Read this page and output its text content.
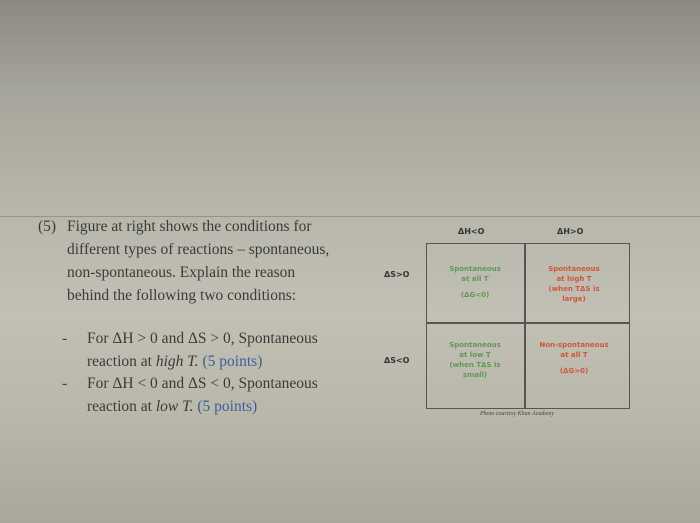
(5) Figure at right shows the conditions for
different types of reactions – spontaneous,
non-spontaneous. Explain the reason
behind the following two conditions:
- For ΔH > 0 and ΔS > 0, Spontaneous
reaction at high T. (5 points)
- For ΔH < 0 and ΔS < 0, Spontaneous
reaction at low T. (5 points)
ΔH<O	ΔH>O
ΔS>O
ΔS<O
Spontaneous
at all T
(ΔG<0)
Spontaneous
at high T
(when TΔS is
large)
Spontaneous
at low T
(when TΔS is
small)
Non-spontaneous
at all T
(ΔG>0)
Photo courtesy Khan Academy
